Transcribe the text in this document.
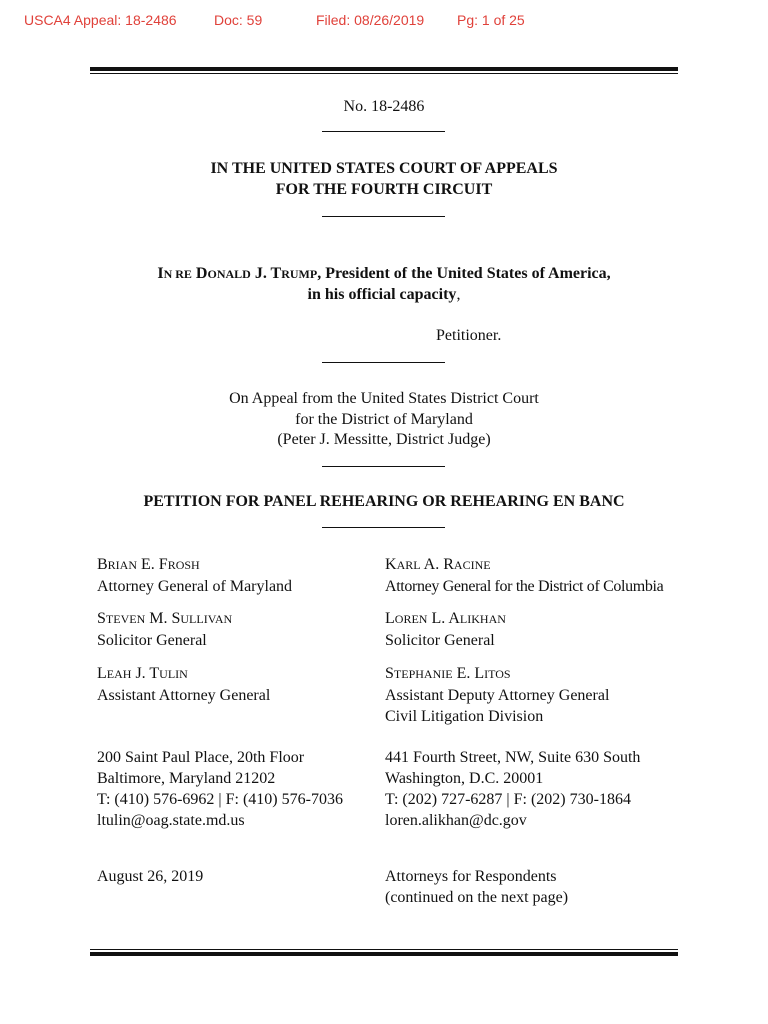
USCA4 Appeal: 18-2486	Doc: 59	Filed: 08/26/2019 Pg: 1 of 25
No. 18-2486
IN THE UNITED STATES COURT OF APPEALS
FOR THE FOURTH CIRCUIT
IN RE DONALD J. TRUMP, President of the United States of America,
in his official capacity,
Petitioner.
On Appeal from the United States District Court
for the District of Maryland
(Peter J. Messitte, District Judge)
PETITION FOR PANEL REHEARING OR REHEARING EN BANC
BRIAN E. FROSH
Attorney General of Maryland
STEVEN M. SULLIVAN
Solicitor General
LEAH J. TULIN
Assistant Attorney General
KARL A. RACINE
Attorney General for the District of Columbia
LOREN L. ALIKHAN
Solicitor General
STEPHANIE E. LITOS
Assistant Deputy Attorney General
Civil Litigation Division
200 Saint Paul Place, 20th Floor
Baltimore, Maryland 21202
T: (410) 576-6962 | F: (410) 576-7036
ltulin@oag.state.md.us
441 Fourth Street, NW, Suite 630 South
Washington, D.C. 20001
T: (202) 727-6287 | F: (202) 730-1864
loren.alikhan@dc.gov
August 26, 2019	Attorneys for Respondents
(continued on the next page)
